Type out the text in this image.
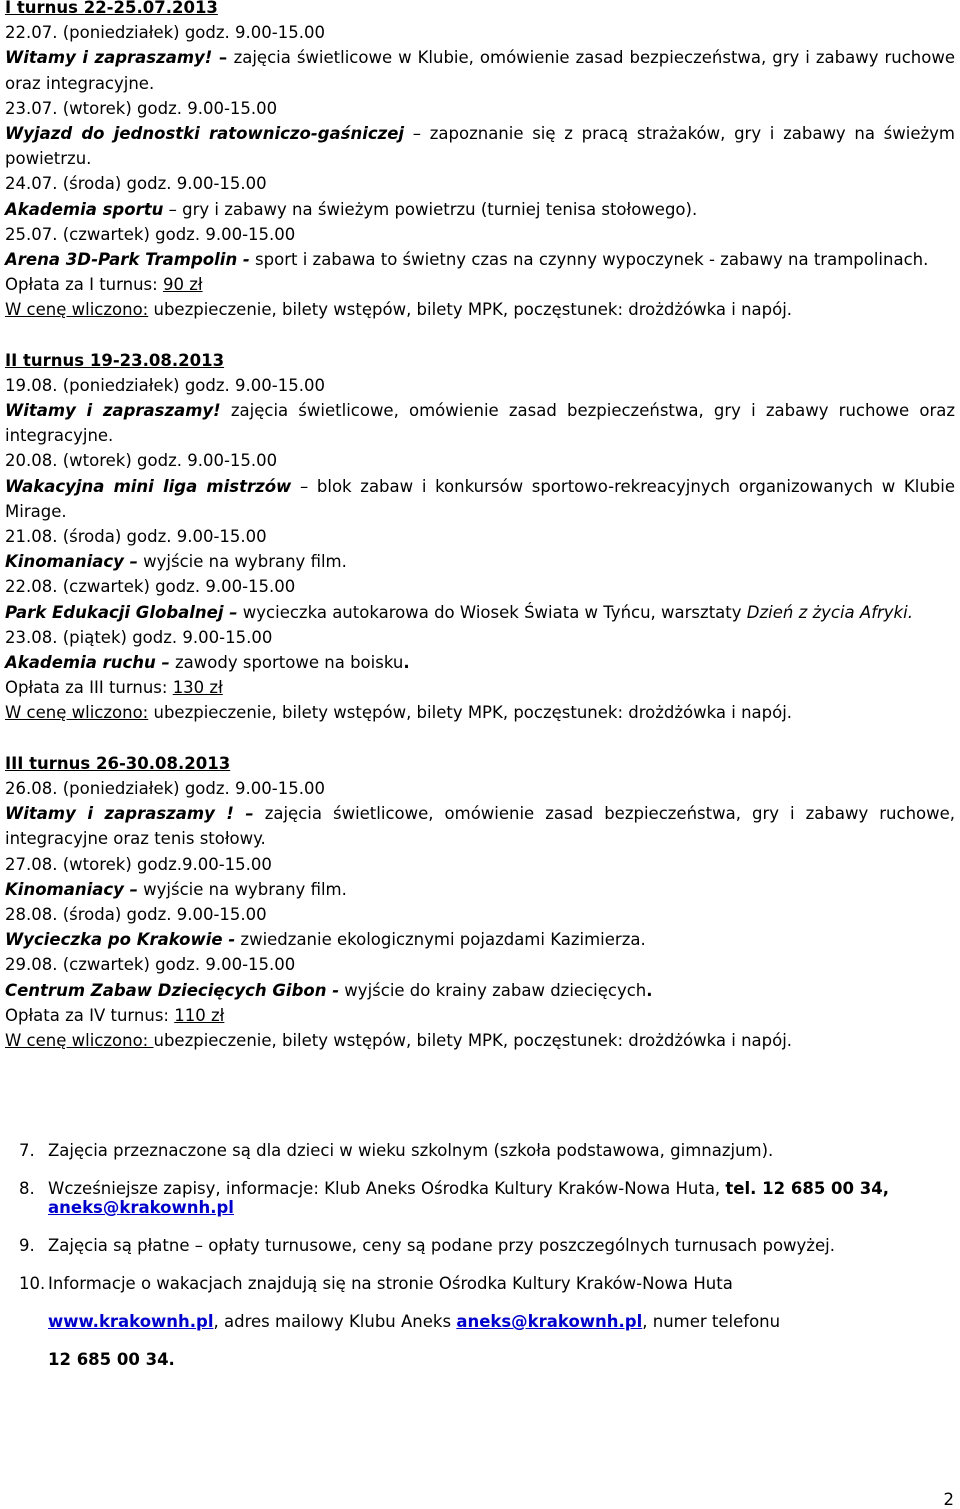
I turnus 22-25.07.2013
22.07. (poniedziałek) godz. 9.00-15.00
Witamy i zapraszamy! – zajęcia świetlicowe w Klubie, omówienie zasad bezpieczeństwa, gry i zabawy ruchowe oraz integracyjne.
23.07. (wtorek) godz. 9.00-15.00
Wyjazd do jednostki ratowniczo-gaśniczej – zapoznanie się z pracą strażaków, gry i zabawy na świeżym powietrzu.
24.07. (środa) godz. 9.00-15.00
Akademia sportu – gry i zabawy na świeżym powietrzu (turniej tenisa stołowego).
25.07. (czwartek) godz. 9.00-15.00
Arena 3D-Park Trampolin - sport i zabawa to świetny czas na czynny wypoczynek - zabawy na trampolinach.
Opłata za I turnus: 90 zł
W cenę wliczono: ubezpieczenie, bilety wstępów, bilety MPK, poczęstunek: drożdżówka i napój.
II turnus 19-23.08.2013
19.08. (poniedziałek) godz. 9.00-15.00
Witamy i zapraszamy! zajęcia świetlicowe, omówienie zasad bezpieczeństwa, gry i zabawy ruchowe oraz integracyjne.
20.08. (wtorek) godz. 9.00-15.00
Wakacyjna mini liga mistrzów – blok zabaw i konkursów sportowo-rekreacyjnych organizowanych w Klubie Mirage.
21.08. (środa) godz. 9.00-15.00
Kinomaniacy – wyjście na wybrany film.
22.08. (czwartek) godz. 9.00-15.00
Park Edukacji Globalnej – wycieczka autokarowa do Wiosek Świata w Tyńcu, warsztaty Dzień z życia Afryki.
23.08. (piątek) godz. 9.00-15.00
Akademia ruchu – zawody sportowe na boisku.
Opłata za III turnus: 130 zł
W cenę wliczono: ubezpieczenie, bilety wstępów, bilety MPK, poczęstunek: drożdżówka i napój.
III turnus 26-30.08.2013
26.08. (poniedziałek) godz. 9.00-15.00
Witamy i zapraszamy ! – zajęcia świetlicowe, omówienie zasad bezpieczeństwa, gry i zabawy ruchowe, integracyjne oraz tenis stołowy.
27.08. (wtorek) godz.9.00-15.00
Kinomaniacy – wyjście na wybrany film.
28.08. (środa) godz. 9.00-15.00
Wycieczka po Krakowie - zwiedzanie ekologicznymi pojazdami Kazimierza.
29.08. (czwartek) godz. 9.00-15.00
Centrum Zabaw Dziecięcych Gibon - wyjście do krainy zabaw dziecięcych.
Opłata za IV turnus: 110 zł
W cenę wliczono: ubezpieczenie, bilety wstępów, bilety MPK, poczęstunek: drożdżówka i napój.
7. Zajęcia przeznaczone są dla dzieci w wieku szkolnym (szkoła podstawowa, gimnazjum).
8. Wcześniejsze zapisy, informacje: Klub Aneks Ośrodka Kultury Kraków-Nowa Huta, tel. 12 685 00 34, aneks@krakownh.pl
9. Zajęcia są płatne – opłaty turnusowe, ceny są podane przy poszczególnych turnusach powyżej.
10. Informacje o wakacjach znajdują się na stronie Ośrodka Kultury Kraków-Nowa Huta
www.krakownh.pl, adres mailowy Klubu Aneks aneks@krakownh.pl, numer telefonu
12 685 00 34.
2
